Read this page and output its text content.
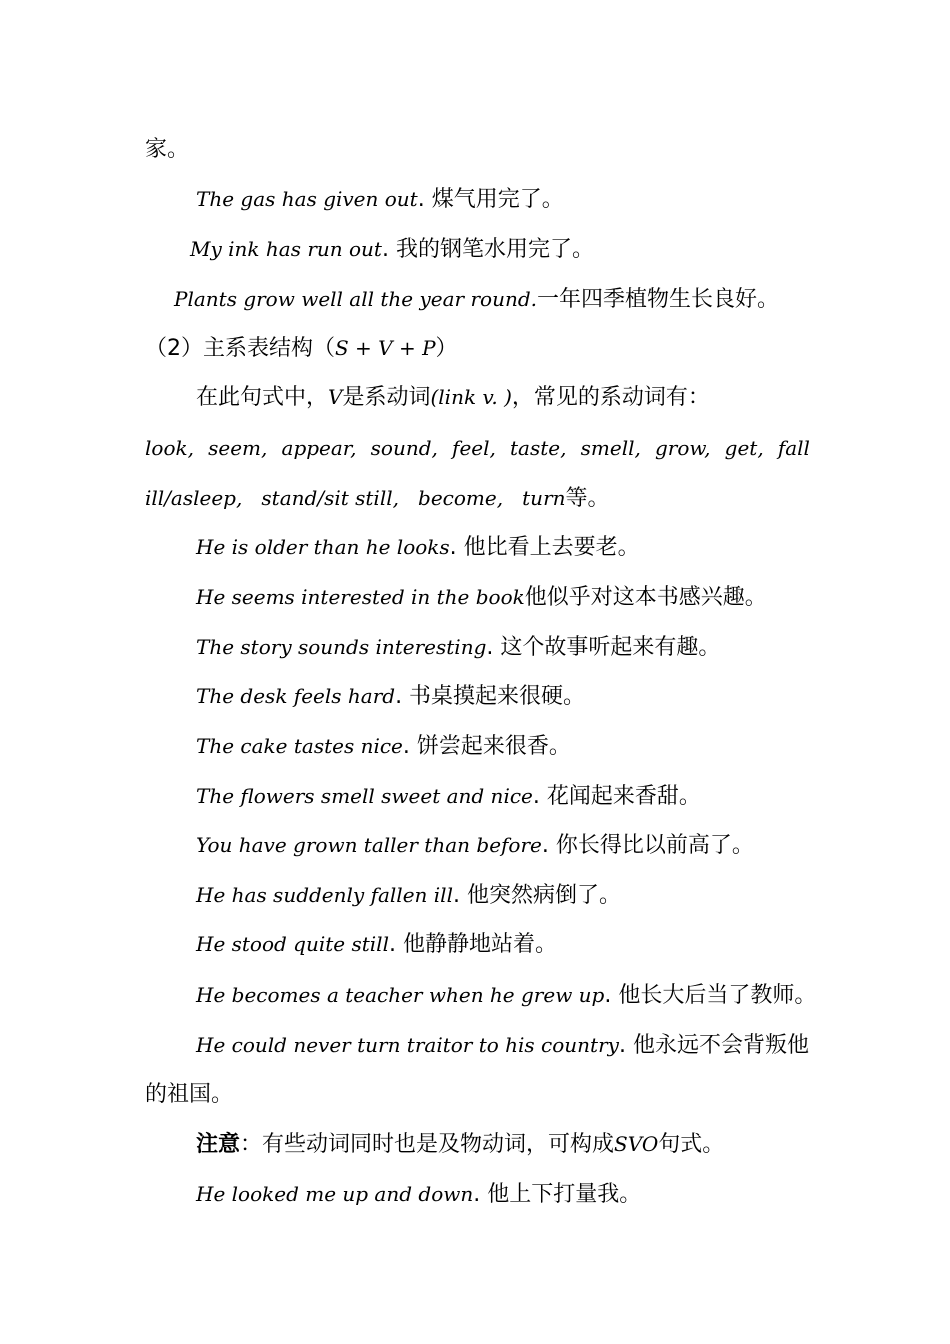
家。
The gas has given out. 煤气用完了。
My ink has run out. 我的钢笔水用完了。
Plants grow well all the year round.一年四季植物生长良好。
（2）主系表结构（S + V + P）
在此句式中，V是系动词(link v. )，常见的系动词有：
look, seem, appear, sound, feel, taste, smell, grow, get, fall
ill/asleep,   stand/sit still,   become,   turn等。
He is older than he looks. 他比看上去要老。
He seems interested in the book他似乎对这本书感兴趣。
The story sounds interesting. 这个故事听起来有趣。
The desk feels hard. 书桌摸起来很硬。
The cake tastes nice. 饼尝起来很香。
The flowers smell sweet and nice. 花闻起来香甜。
You have grown taller than before. 你长得比以前高了。
He has suddenly fallen ill. 他突然病倒了。
He stood quite still. 他静静地站着。
He becomes a teacher when he grew up. 他长大后当了教师。
He could never turn traitor to his country. 他永远不会背叛他
的祖国。
注意：有些动词同时也是及物动词，可构成SVO句式。
He looked me up and down. 他上下打量我。
